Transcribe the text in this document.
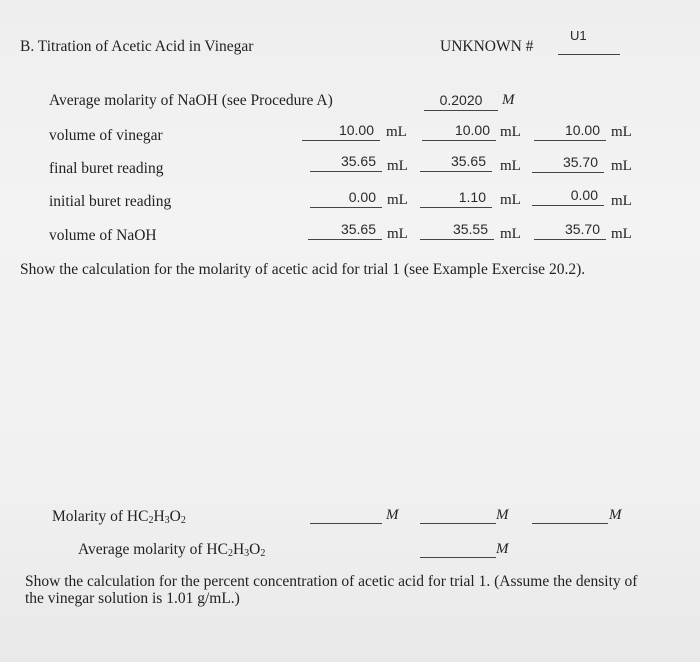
B. Titration of Acetic Acid in Vinegar	UNKNOWN #
U1
Average molarity of NaOH (see Procedure A)	0.2020	M
volume of vinegar	10.00 mL	10.00 mL	10.00 mL
final buret reading	35.65 mL	35.65 mL	35.70 mL
initial buret reading	0.00 mL	1.10 mL	0.00 mL
volume of NaOH	35.65 mL	35.55 mL	35.70 mL
Show the calculation for the molarity of acetic acid for trial 1 (see Example Exercise 20.2).
Molarity of $HC_2H_3O_2$	M	M	M
Average molarity of $HC_2H_3O_2$	M
Show the calculation for the percent concentration of acetic acid for trial 1. (Assume the density of the vinegar solution is 1.01 g/mL.)
